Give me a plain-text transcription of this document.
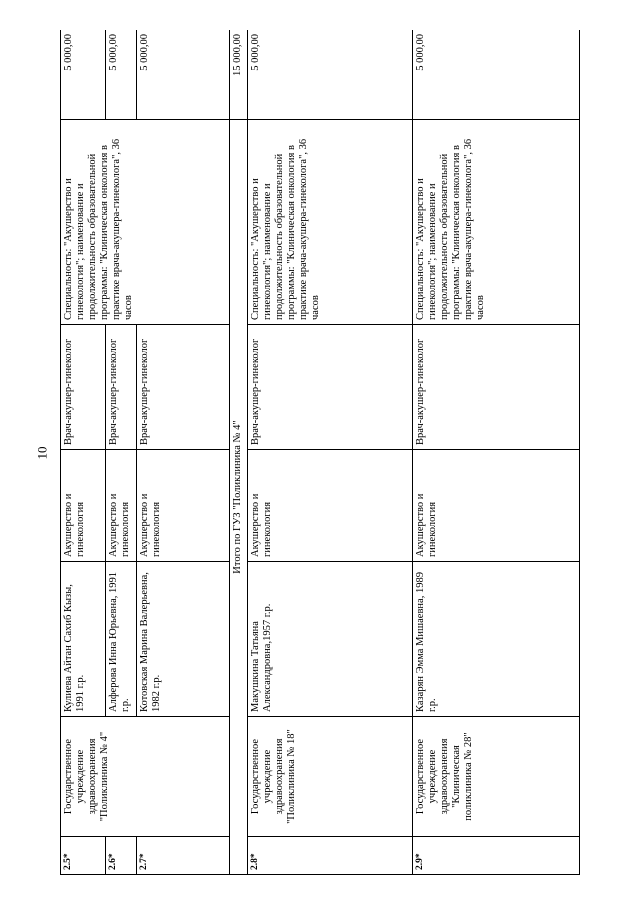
10
2.5*	Государственное учреждение здравоохранения "Поликлиника № 4"	Кулиева Айтан Сахиб Кызы, 1991 г.р.	Акушерство и гинекология	Врач-акушер-гинеколог	Специальность: "Акушерство и гинекология"; наименование и продолжительность образовательной программы: "Клиническая онкология в практике врача-акушера-гинеколога", 36 часов	5 000,00
2.6*		Алферова Инна Юрьевна, 1991 г.р.	Акушерство и гинекология	Врач-акушер-гинеколог		5 000,00
2.7*		Котовская Марина Валерьевна, 1982 г.р.	Акушерство и гинекология	Врач-акушер-гинеколог		5 000,00
Итого по ГУЗ "Поликлиника № 4"						15 000,00
2.8*	Государственное учреждение здравоохранения "Поликлиника № 18"	Макушкина Татьяна Александровна,1957 г.р.	Акушерство и гинекология	Врач-акушер-гинеколог	Специальность: "Акушерство и гинекология"; наименование и продолжительность образовательной программы: "Клиническая онкология в практике врача-акушера-гинеколога", 36 часов	5 000,00
2.9*	Государственное учреждение здравоохранения "Клиническая поликлиника № 28"	Казарян Эмма Мишаевна, 1989 г.р.	Акушерство и гинекология	Врач-акушер-гинеколог	Специальность: "Акушерство и гинекология"; наименование и продолжительность образовательной программы: "Клиническая онкология в практике врача-акушера-гинеколога", 36 часов	5 000,00
